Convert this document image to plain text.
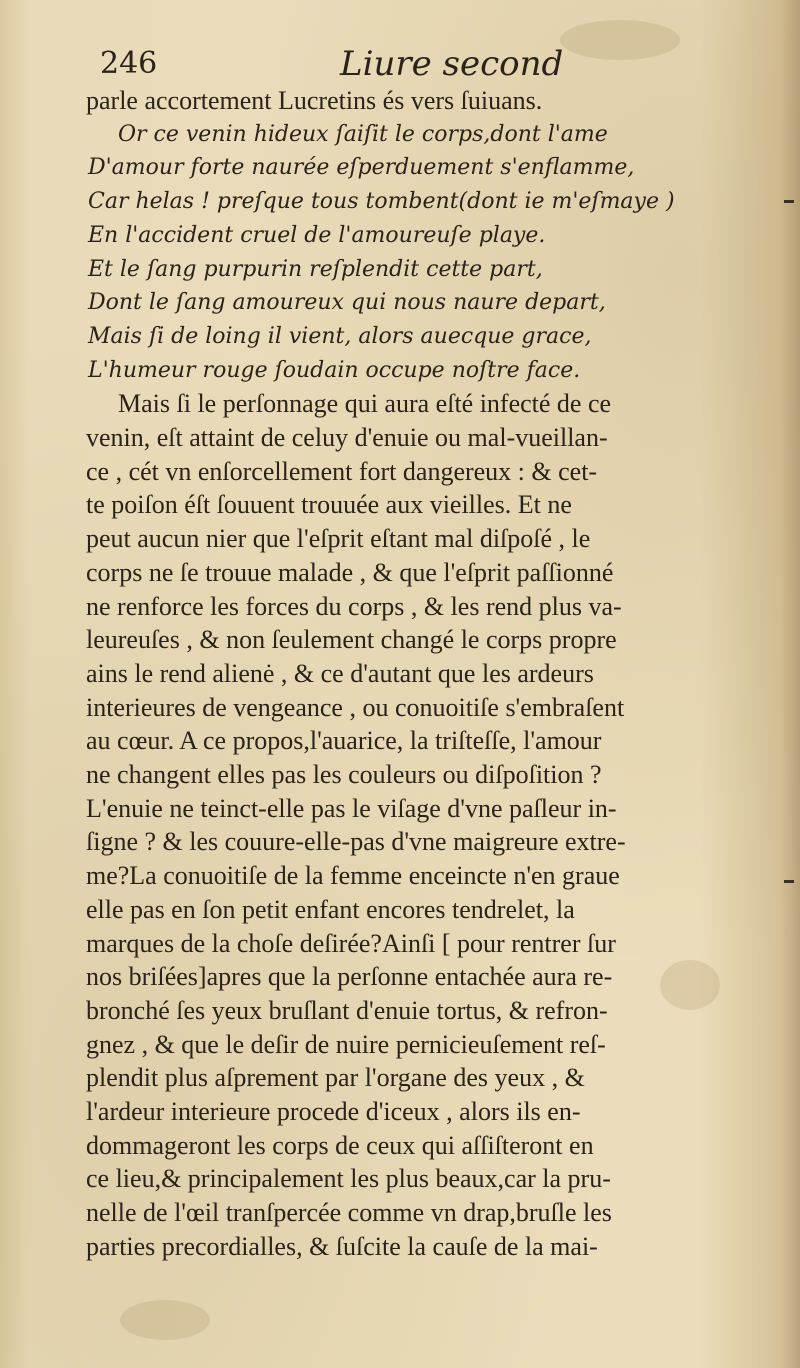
246	Liure second
parle accortement Lucretins és vers ſuiuans.
Or ce venin hideux ſaiſit le corps,dont l'ame
D'amour forte naurée eſperduement s'enflamme,
Car helas ! preſque tous tombent(dont ie m'eſmaye )
En l'accident cruel de l'amoureuſe playe.
Et le ſang purpurin reſplendit cette part,
Dont le ſang amoureux qui nous naure depart,
Mais ſi de loing il vient, alors auecque grace,
L'humeur rouge ſoudain occupe noſtre face.
Mais ſi le perſonnage qui aura eſté infecté de ce
venin, eſt attaint de celuy d'enuie ou mal-vueillan-
ce , cét vn enſorcellement fort dangereux : & cet-
te poiſon éſt ſouuent trouuée aux vieilles. Et ne
peut aucun nier que l'eſprit eſtant mal diſpoſé , le
corps ne ſe trouue malade , & que l'eſprit paſſionné
ne renforce les forces du corps , & les rend plus va-
leureuſes , & non ſeulement changé le corps propre
ains le rend alienė , & ce d'autant que les ardeurs
interieures de vengeance , ou conuoitiſe s'embraſent
au cœur. A ce propos,l'auarice, la triſteſſe, l'amour
ne changent elles pas les couleurs ou diſpoſition ?
L'enuie ne teinct-elle pas le viſage d'vne paſleur in-
ſigne ? & les couure-elle-pas d'vne maigreure extre-
me?La conuoitiſe de la femme enceincte n'en graue
elle pas en ſon petit enfant encores tendrelet, la
marques de la choſe deſirée?Ainſi [ pour rentrer ſur
nos briſées]apres que la perſonne entachée aura re-
bronché ſes yeux bruſlant d'enuie tortus, & refron-
gnez , & que le deſir de nuire pernicieuſement reſ-
plendit plus aſprement par l'organe des yeux , &
l'ardeur interieure procede d'iceux , alors ils en-
dommageront les corps de ceux qui aſſiſteront en
ce lieu,& principalement les plus beaux,car la pru-
nelle de l'œil tranſpercée comme vn drap,bruſle les
parties precordialles, & ſuſcite la cauſe de la mai-
